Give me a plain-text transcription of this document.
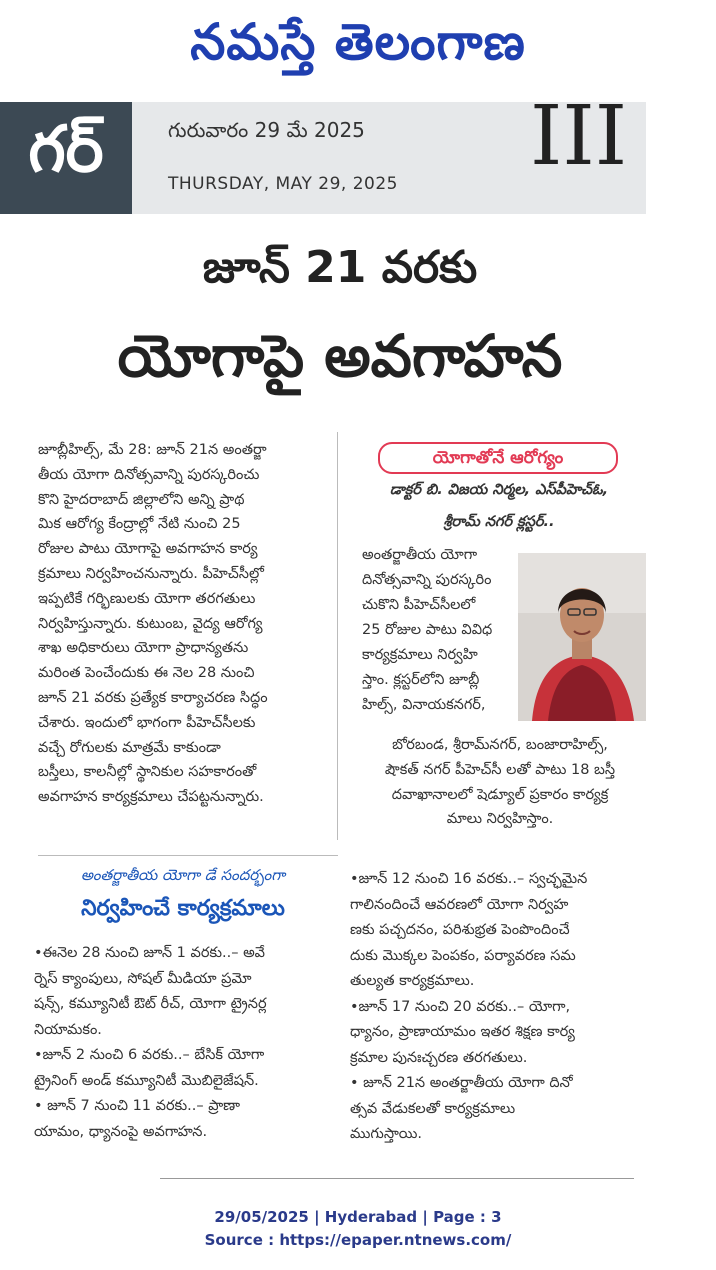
నమస్తే తెలంగాణ
గర్	గురువారం 29 మే 2025
THURSDAY, MAY 29, 2025 III
జూన్ 21 వరకు
యోగాపై అవగాహన
జూబ్లీహిల్స్, మే 28: జూన్ 21న అంతర్జా
తీయ యోగా దినోత్సవాన్ని పురస్కరించు
కొని హైదరాబాద్ జిల్లాలోని అన్ని ప్రాథ
మిక ఆరోగ్య కేంద్రాల్లో నేటి నుంచి 25
రోజుల పాటు యోగాపై అవగాహన కార్య
క్రమాలు నిర్వహించనున్నారు. పీహెచ్‌సీల్లో
ఇప్పటికే గర్భిణులకు యోగా తరగతులు
నిర్వహిస్తున్నారు. కుటుంబ, వైద్య ఆరోగ్య
శాఖ అధికారులు యోగా ప్రాధాన్యతను
మరింత పెంచేందుకు ఈ నెల 28 నుంచి
జూన్ 21 వరకు ప్రత్యేక కార్యాచరణ సిద్ధం
చేశారు. ఇందులో భాగంగా పీహెచ్‌సీలకు
వచ్చే రోగులకు మాత్రమే కాకుండా
బస్తీలు, కాలనీల్లో స్థానికుల సహకారంతో
అవగాహన కార్యక్రమాలు చేపట్టనున్నారు.
యోగాతోనే ఆరోగ్యం
డాక్టర్ బి. విజయ నిర్మల, ఎస్‌పీహెచ్ఓ,
శ్రీరామ్ నగర్ క్లస్టర్..
అంతర్జాతీయ యోగా
దినోత్సవాన్ని పురస్కరిం
చుకొని పీహెచ్‌సీలలో
25 రోజుల పాటు వివిధ
కార్యక్రమాలు నిర్వహి
స్తాం. క్లస్టర్‌లోని జూబ్లీ
హిల్స్, వినాయకనగర్,
బోరబండ, శ్రీరామ్‌నగర్, బంజారాహిల్స్,
షౌకత్ నగర్ పీహెచ్‌సీ లతో పాటు 18 బస్తీ
దవాఖానాలలో షెడ్యూల్ ప్రకారం కార్యక్ర
మాలు నిర్వహిస్తాం.
అంతర్జాతీయ యోగా డే సందర్భంగా
నిర్వహించే కార్యక్రమాలు
•ఈనెల 28 నుంచి జూన్ 1 వరకు..– అవే
ర్నెస్ క్యాంపులు, సోషల్ మీడియా ప్రమో
షన్స్, కమ్యూనిటీ ఔట్ రీచ్, యోగా ట్రైనర్ల
నియామకం.
•జూన్ 2 నుంచి 6 వరకు..– బేసిక్ యోగా
ట్రైనింగ్ అండ్ కమ్యూనిటీ మొబిలైజేషన్.
• జూన్ 7 నుంచి 11 వరకు..– ప్రాణా
యామం, ధ్యానంపై అవగాహన.
•జూన్ 12 నుంచి 16 వరకు..– స్వచ్ఛమైన
గాలినందించే ఆవరణలో యోగా నిర్వహ
ణకు పచ్చదనం, పరిశుభ్రత పెంపొందించే
దుకు మొక్కల పెంపకం, పర్యావరణ సమ
తుల్యత కార్యక్రమాలు.
•జూన్ 17 నుంచి 20 వరకు..– యోగా,
ధ్యానం, ప్రాణాయామం ఇతర శిక్షణ కార్య
క్రమాల పునఃచ్చరణ తరగతులు.
• జూన్ 21న అంతర్జాతీయ యోగా దినో
త్సవ వేడుకలతో కార్యక్రమాలు
ముగుస్తాయి.
29/05/2025 | Hyderabad | Page : 3
Source : https://epaper.ntnews.com/
